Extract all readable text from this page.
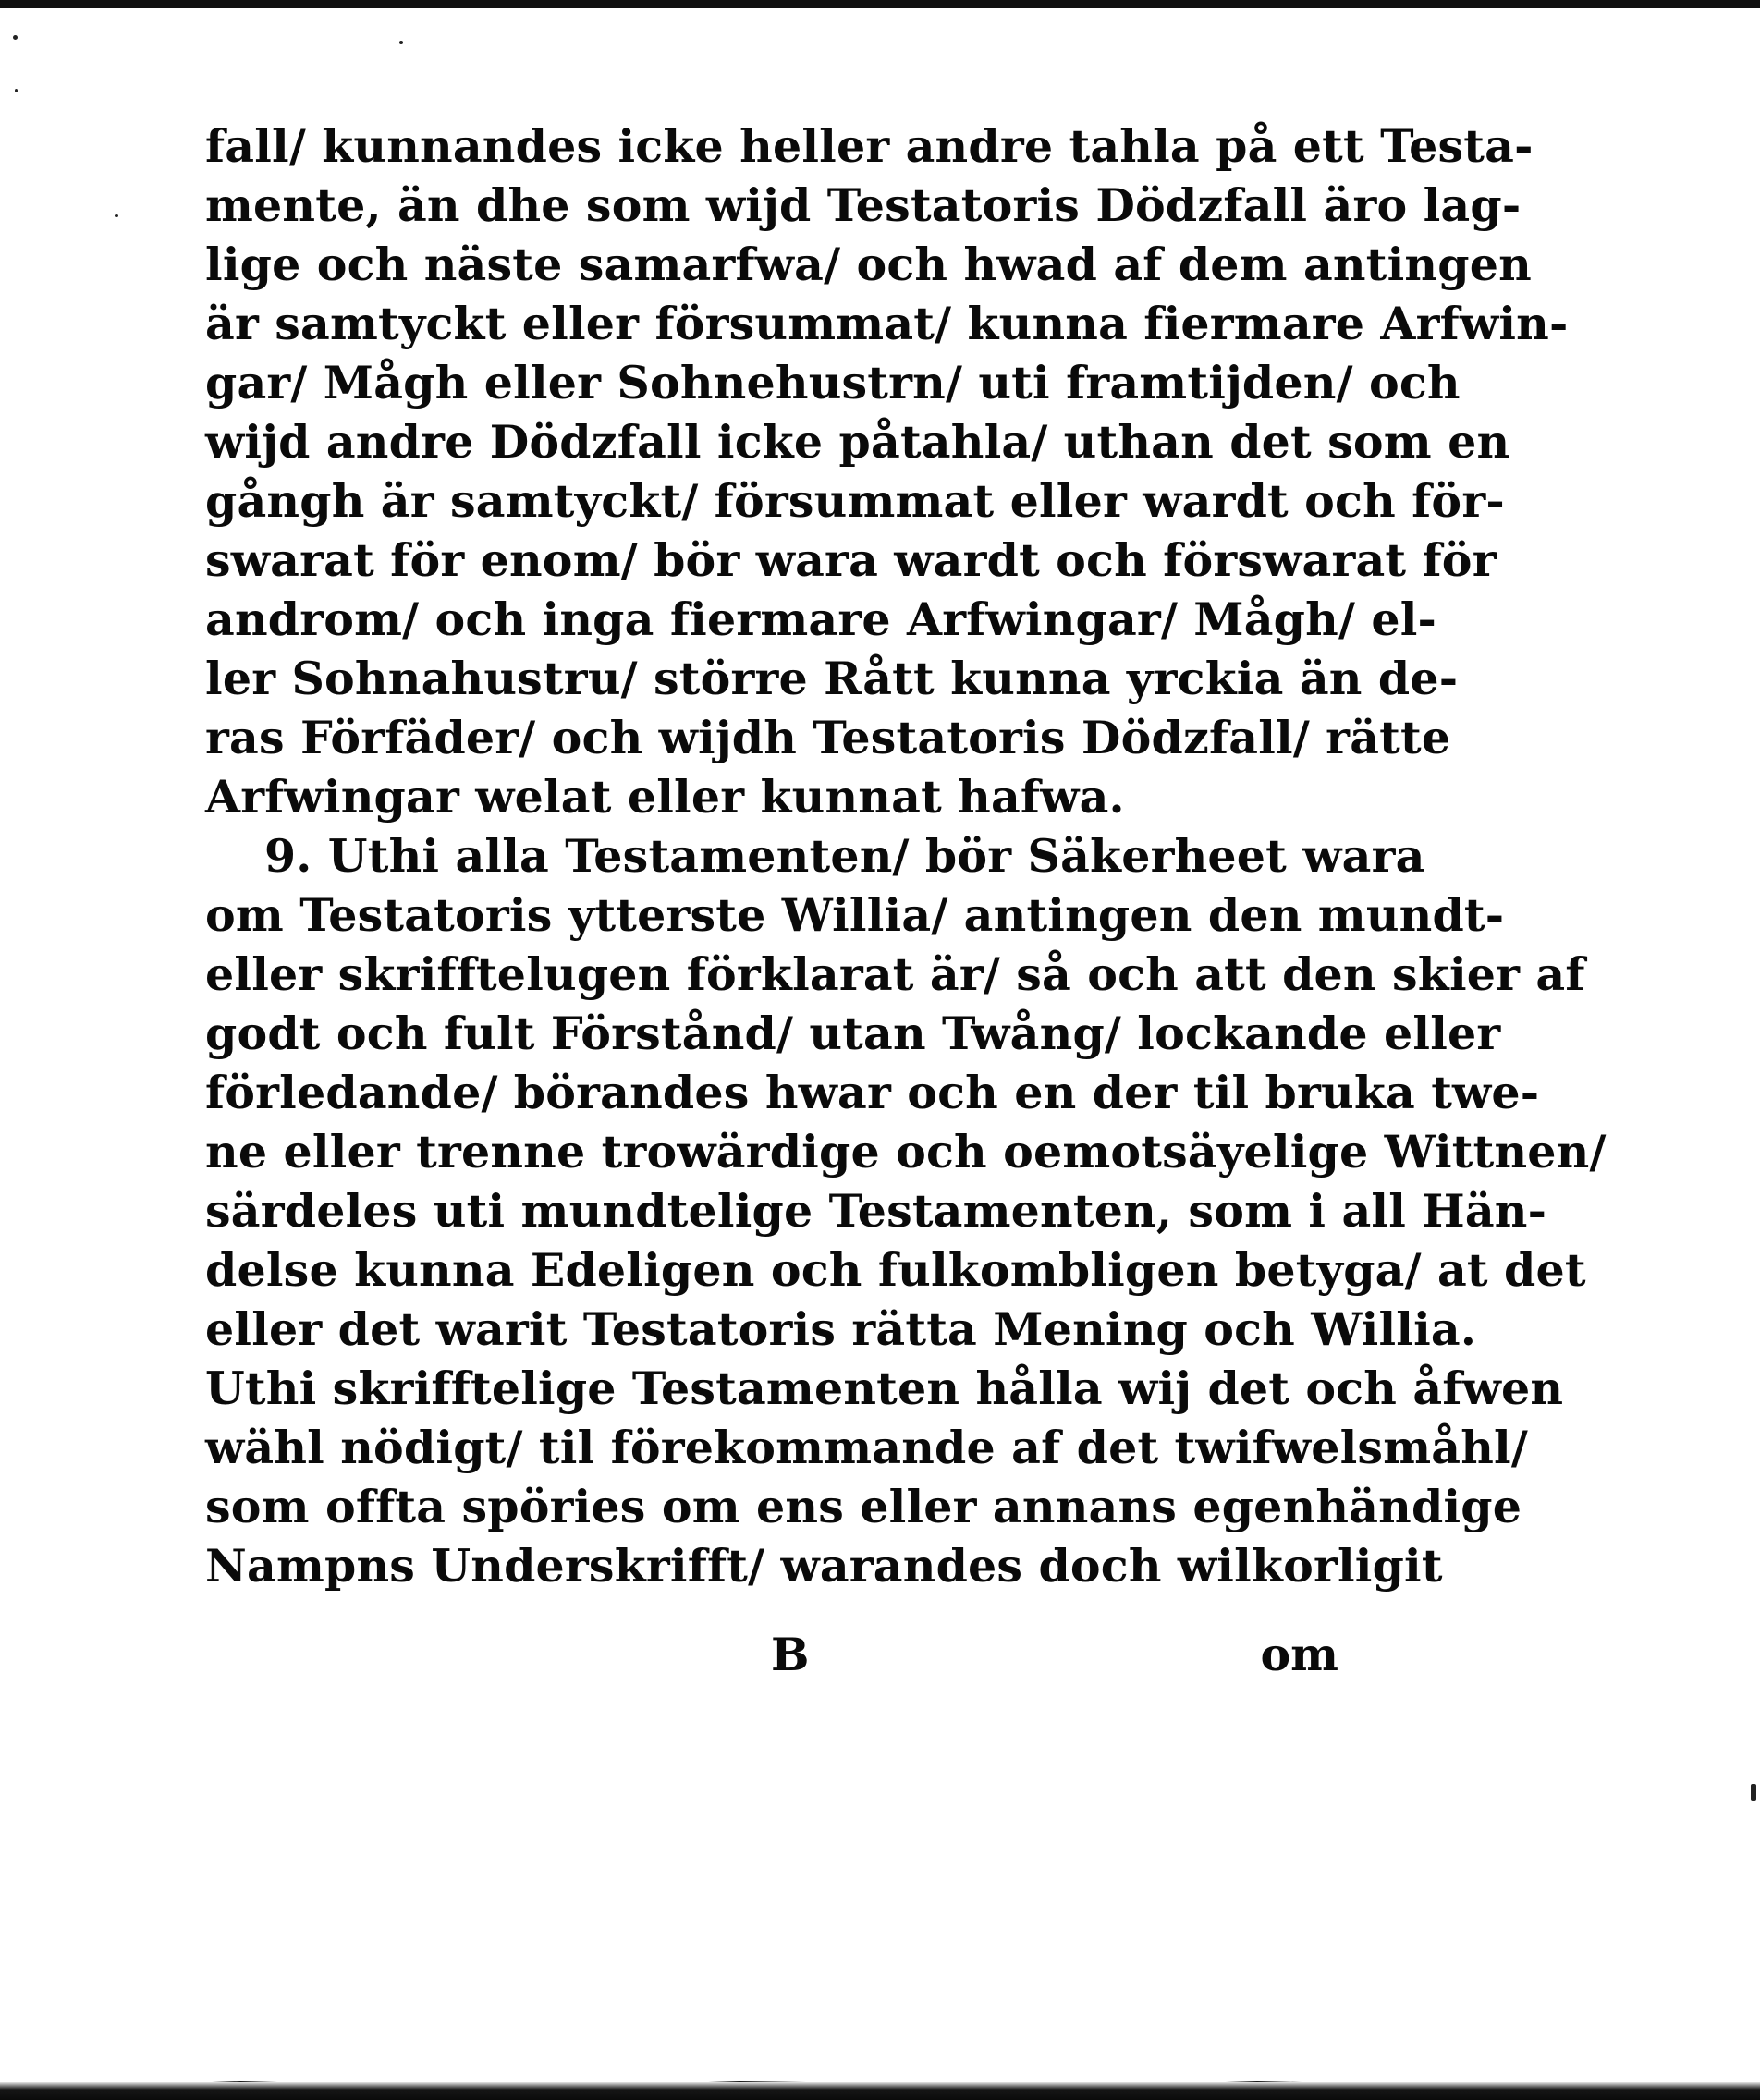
fall/ kunnandes icke heller andre tahla på ett Testa-
mente, än dhe som wijd Testatoris Dödzfall äro lag-
lige och näste samarfwa/ och hwad af dem antingen
är samtyckt eller försummat/ kunna fiermare Arfwin-
gar/ Mågh eller Sohnehustrn/ uti framtijden/ och
wijd andre Dödzfall icke påtahla/ uthan det som en
gångh är samtyckt/ försummat eller wardt och för-
swarat för enom/ bör wara wardt och förswarat för
androm/ och inga fiermare Arfwingar/ Mågh/ el-
ler Sohnahustru/ större Rått kunna yrckia än de-
ras Förfäder/ och wijdh Testatoris Dödzfall/ rätte
Arfwingar welat eller kunnat hafwa.
9. Uthi alla Testamenten/ bör Säkerheet wara
om Testatoris ytterste Willia/ antingen den mundt-
eller skrifftelugen förklarat är/ så och att den skier af
godt och fult Förstånd/ utan Twång/ lockande eller
förledande/ börandes hwar och en der til bruka twe-
ne eller trenne trowärdige och oemotsäyelige Wittnen/
särdeles uti mundtelige Testamenten, som i all Hän-
delse kunna Edeligen och fulkombligen betyga/ at det
eller det warit Testatoris rätta Mening och Willia.
Uthi skrifftelige Testamenten hålla wij det och åfwen
wähl nödigt/ til förekommande af det twifwelsmåhl/
som offta spöries om ens eller annans egenhändige
Nampns Underskrifft/ warandes doch wilkorligit
B	om
